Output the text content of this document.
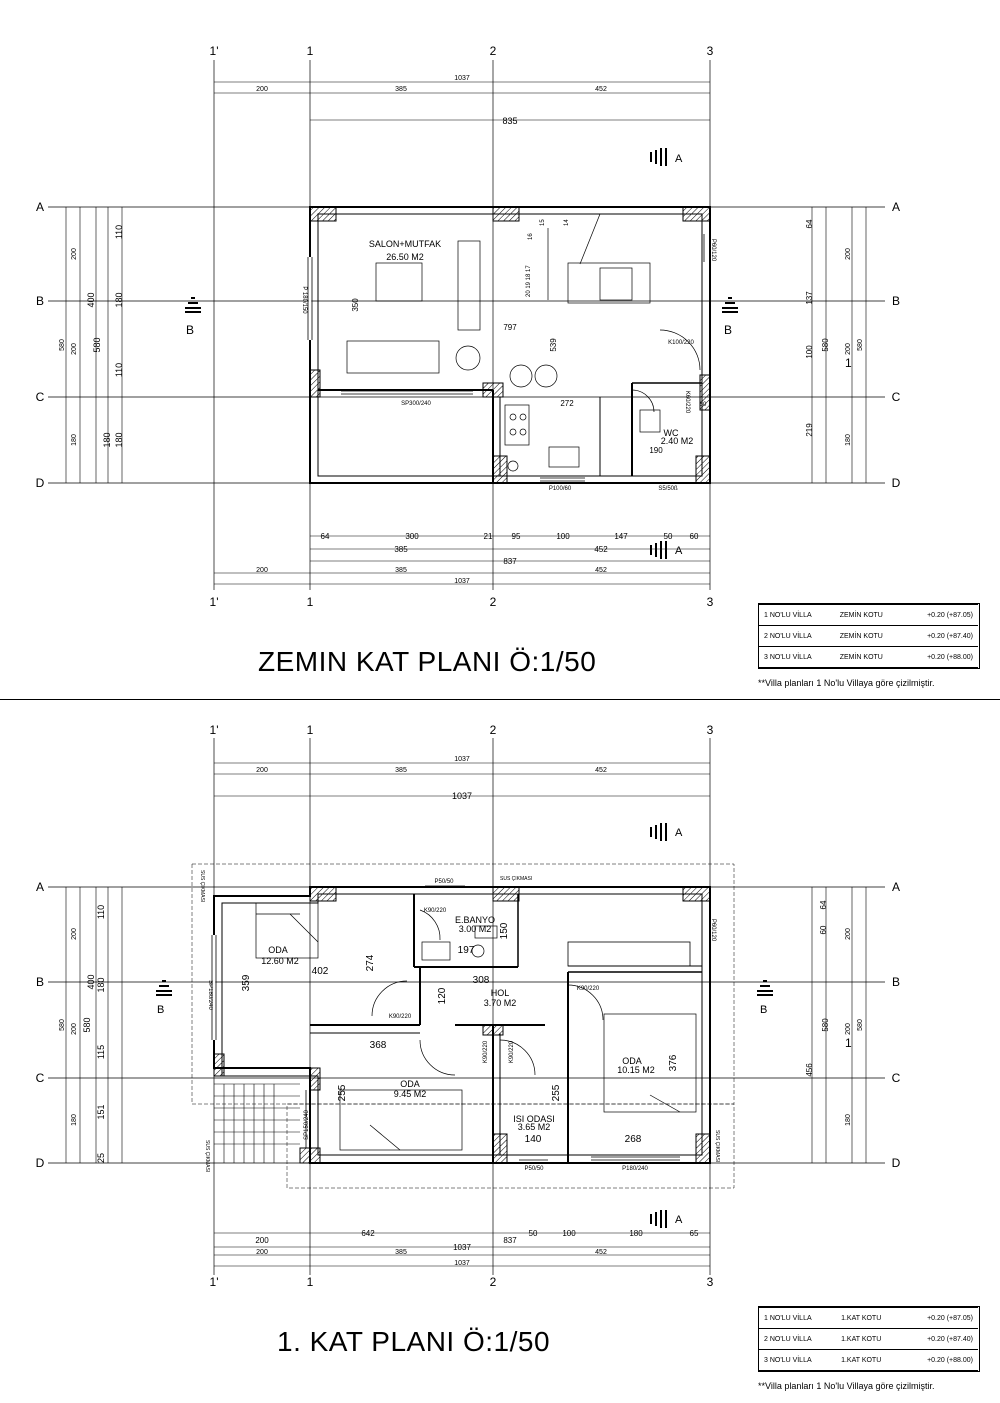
1'	1	2	3
1'	1	2	3
A
B
C
D
A
B
C
D
1037
200	385	452
835
64	300	21 95	100	147	50 60
385	452
837
200	385	452
1037
580
200
200
180
400
580
110
180
110
180 180
64
137
100
219
580
200
200
180
580
1
16
15	14
20 19 18 17
SALON+MUTFAK
26.50 M2
WC
2.40 M2
350
797
539
272
190
SP300/240
P100/60
K100/220
P60/120
P 180/150
K60/220
S5/50ß
60
A
A
B	B
1'	1	2	3
1'	1	2	3
A
B
C
D
A
B
C
D
1037
200	385	452
1037
642	50	100	180	65
200
1037
837
200	385	452
1037
580
200
200
180
400
580
110
180
115
151
25
64
60
456
580
200
200
180
580
1
ODA
12.60 M2
E.BANYO
3.00 M2
HOL
3.70 M2
ODA
9.45 M2
ISI ODASI
3.65 M2
ODA
10.15 M2
402
274
359
197
150
308
120
368
255	255
140	268
376
P50/50
K90/220
K90/220
K90/220	K90/220
K90/220
SP150/240
P50/50	P180/240
P60/120
SP180/240
SUS ÇIKMASI
SUS ÇIKMASI
SUS ÇIKMASI
SUS ÇIKMASI
A
A
B	B
ZEMIN KAT PLANI Ö:1/50
1 NO'LU VİLLA	ZEMİN KOTU	+0.20 (+87.05)
2 NO'LU VİLLA	ZEMİN KOTU	+0.20 (+87.40)
3 NO'LU VİLLA	ZEMİN KOTU	+0.20 (+88.00)
**Villa planları 1 No'lu Villaya göre çizilmiştir.
1. KAT PLANI Ö:1/50
1 NO'LU VİLLA	1.KAT KOTU	+0.20 (+87.05)
2 NO'LU VİLLA	1.KAT KOTU	+0.20 (+87.40)
3 NO'LU VİLLA	1.KAT KOTU	+0.20 (+88.00)
**Villa planları 1 No'lu Villaya göre çizilmiştir.
